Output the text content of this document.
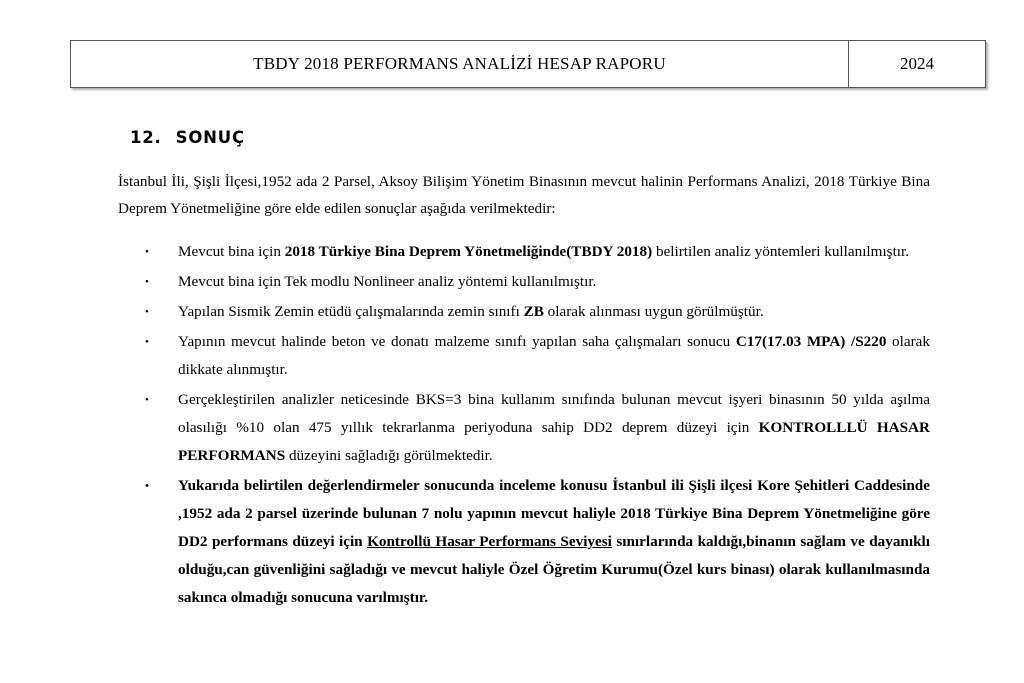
TBDY 2018 PERFORMANS ANALİZİ HESAP RAPORU	2024
12. SONUÇ

İstanbul İli, Şişli İlçesi,1952 ada 2 Parsel, Aksoy Bilişim Yönetim Binasının mevcut halinin Performans Analizi, 2018 Türkiye Bina Deprem Yönetmeliğine göre elde edilen sonuçlar aşağıda verilmektedir:

• Mevcut bina için 2018 Türkiye Bina Deprem Yönetmeliğinde(TBDY 2018) belirtilen analiz yöntemleri kullanılmıştır.
• Mevcut bina için Tek modlu Nonlineer analiz yöntemi kullanılmıştır.
• Yapılan Sismik Zemin etüdü çalışmalarında zemin sınıfı ZB olarak alınması uygun görülmüştür.
• Yapının mevcut halinde beton ve donatı malzeme sınıfı yapılan saha çalışmaları sonucu C17(17.03 MPA) /S220 olarak dikkate alınmıştır.
• Gerçekleştirilen analizler neticesinde BKS=3 bina kullanım sınıfında bulunan mevcut işyeri binasının 50 yılda aşılma olasılığı %10 olan 475 yıllık tekrarlanma periyoduna sahip DD2 deprem düzeyi için KONTROLLLÜ HASAR PERFORMANS düzeyini sağladığı görülmektedir.
• Yukarıda belirtilen değerlendirmeler sonucunda inceleme konusu İstanbul ili Şişli ilçesi Kore Şehitleri Caddesinde ,1952 ada 2 parsel üzerinde bulunan 7 nolu yapının mevcut haliyle 2018 Türkiye Bina Deprem Yönetmeliğine göre DD2 performans düzeyi için Kontrollü Hasar Performans Seviyesi sınırlarında kaldığı,binanın sağlam ve dayanıklı olduğu,can güvenliğini sağladığı ve mevcut haliyle Özel Öğretim Kurumu(Özel kurs binası) olarak kullanılmasında sakınca olmadığı sonucuna varılmıştır.
